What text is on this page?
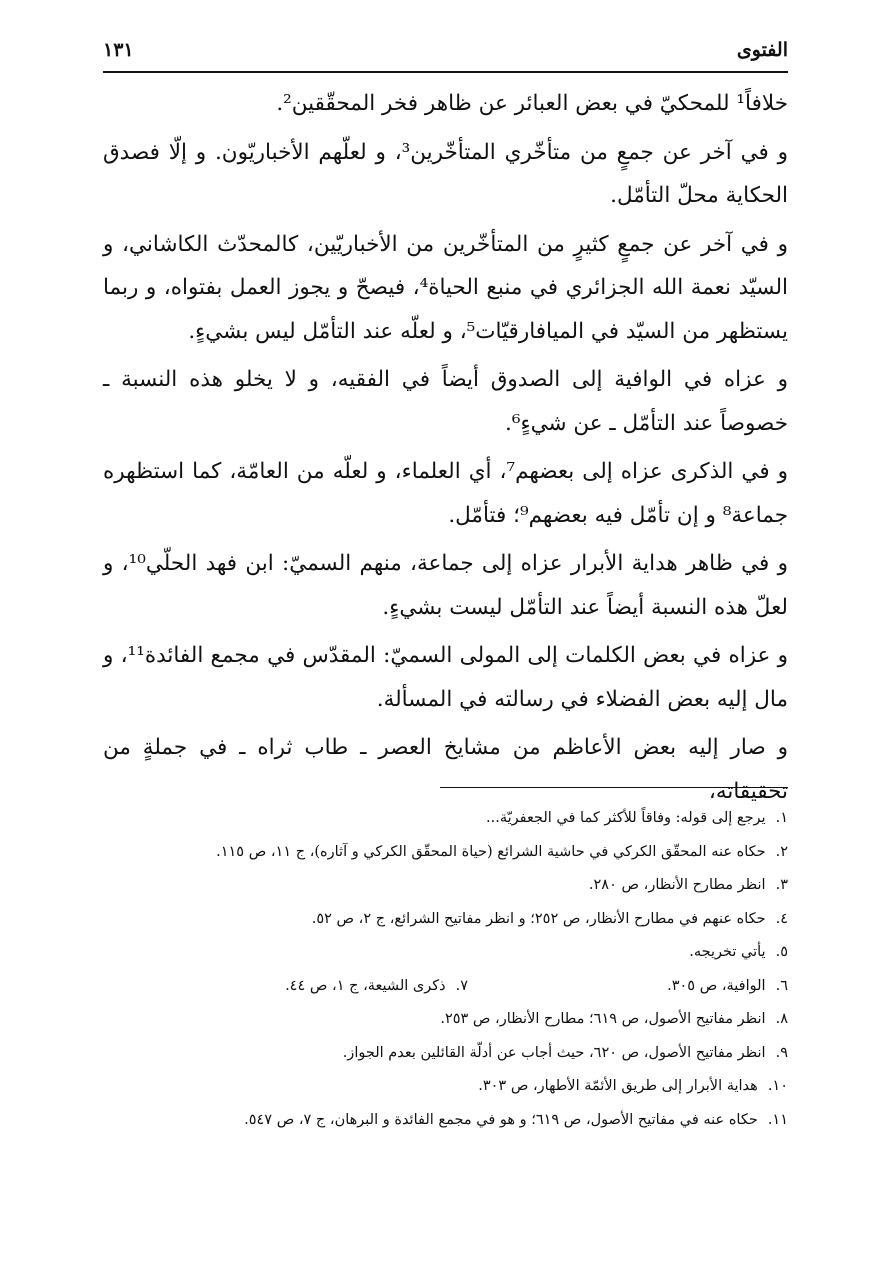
الفتوى
١٣١

خلافاً¹ للمحكيّ في بعض العبائر عن ظاهر فخر المحقّقين².

و في آخر عن جمعٍ من متأخّري المتأخّرين³، و لعلّهم الأخباريّون. و إلّا فصدق الحكاية محلّ التأمّل.

و في آخر عن جمعٍ كثيرٍ من المتأخّرين من الأخباريّين، كالمحدّث الكاشاني، و السيّد نعمة الله الجزائري في منبع الحياة⁴، فيصحّ و يجوز العمل بفتواه، و ربما يستظهر من السيّد في الميافارقيّات⁵، و لعلّه عند التأمّل ليس بشيءٍ.

و عزاه في الوافية إلى الصدوق أيضاً في الفقيه، و لا يخلو هذه النسبة ـ خصوصاً عند التأمّل ـ عن شيءٍ⁶.

و في الذكرى عزاه إلى بعضهم⁷، أي العلماء، و لعلّه من العامّة، كما استظهره جماعة⁸ و إن تأمّل فيه بعضهم⁹؛ فتأمّل.

و في ظاهر هداية الأبرار عزاه إلى جماعة، منهم السميّ: ابن فهد الحلّي¹⁰، و لعلّ هذه النسبة أيضاً عند التأمّل ليست بشيءٍ.

و عزاه في بعض الكلمات إلى المولى السميّ: المقدّس في مجمع الفائدة¹¹، و مال إليه بعض الفضلاء في رسالته في المسألة.

و صار إليه بعض الأعاظم من مشايخ العصر ـ طاب ثراه ـ في جملةٍ من تحقيقاته،

١.
يرجع إلى قوله: وفاقاً للأكثر كما في الجعفريّة...
٢.
حكاه عنه المحقّق الكركي في حاشية الشرائع (حياة المحقّق الكركي و آثاره)، ج ١١، ص ١١٥.
٣.
انظر مطارح الأنظار، ص ٢٨٠.
٤.
حكاه عنهم في مطارح الأنظار، ص ٢٥٢؛ و انظر مفاتيح الشرائع، ج ٢، ص ٥٢.
٥.
يأتي تخريجه.
٦.
الوافية، ص ٣٠٥.
٧.
ذكرى الشيعة، ج ١، ص ٤٤.
٨.
انظر مفاتيح الأصول، ص ٦١٩؛ مطارح الأنظار، ص ٢٥٣.
٩.
انظر مفاتيح الأصول، ص ٦٢٠، حيث أجاب عن أدلّة القائلين بعدم الجواز.
١٠.
هداية الأبرار إلى طريق الأئمّة الأطهار، ص ٣٠٣.
١١.
حكاه عنه في مفاتيح الأصول، ص ٦١٩؛ و هو في مجمع الفائدة و البرهان، ج ٧، ص ٥٤٧.
